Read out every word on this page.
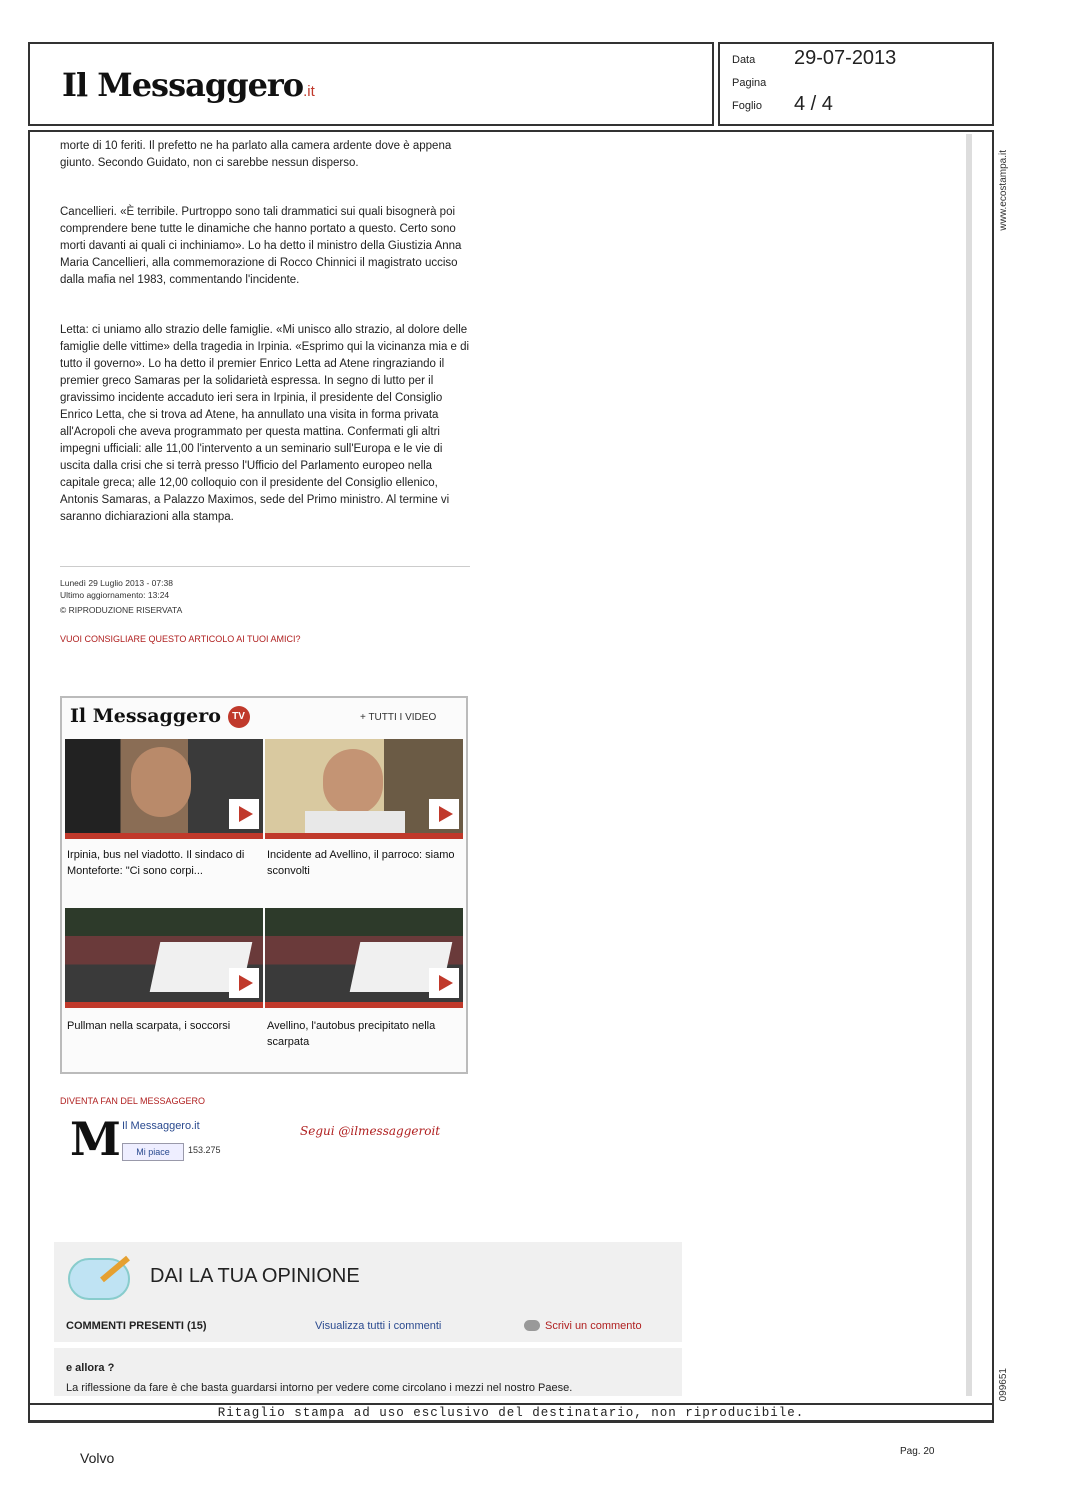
Il Messaggero.it
Data 29-07-2013
Pagina
Foglio 4 / 4
www.ecostampa.it
099651

morte di 10 feriti. Il prefetto ne ha parlato alla camera ardente dove è appena giunto. Secondo Guidato, non ci sarebbe nessun disperso.

Cancellieri. «È terribile. Purtroppo sono tali drammatici sui quali bisognerà poi comprendere bene tutte le dinamiche che hanno portato a questo. Certo sono morti davanti ai quali ci inchiniamo». Lo ha detto il ministro della Giustizia Anna Maria Cancellieri, alla commemorazione di Rocco Chinnici il magistrato ucciso dalla mafia nel 1983, commentando l'incidente.

Letta: ci uniamo allo strazio delle famiglie. «Mi unisco allo strazio, al dolore delle famiglie delle vittime» della tragedia in Irpinia. «Esprimo qui la vicinanza mia e di tutto il governo». Lo ha detto il premier Enrico Letta ad Atene ringraziando il premier greco Samaras per la solidarietà espressa. In segno di lutto per il gravissimo incidente accaduto ieri sera in Irpinia, il presidente del Consiglio Enrico Letta, che si trova ad Atene, ha annullato una visita in forma privata all'Acropoli che aveva programmato per questa mattina. Confermati gli altri impegni ufficiali: alle 11,00 l'intervento a un seminario sull'Europa e le vie di uscita dalla crisi che si terrà presso l'Ufficio del Parlamento europeo nella capitale greca; alle 12,00 colloquio con il presidente del Consiglio ellenico, Antonis Samaras, a Palazzo Maximos, sede del Primo ministro. Al termine vi saranno dichiarazioni alla stampa.

Lunedì 29 Luglio 2013 - 07:38
Ultimo aggiornamento: 13:24
© RIPRODUZIONE RISERVATA
VUOI CONSIGLIARE QUESTO ARTICOLO AI TUOI AMICI?
Il Messaggero TV	+ TUTTI I VIDEO
Irpinia, bus nel viadotto. Il sindaco di Monteforte: "Ci sono corpi...
Incidente ad Avellino, il parroco: siamo sconvolti
Pullman nella scarpata, i soccorsi	Avellino, l'autobus precipitato nella scarpata
DIVENTA FAN DEL MESSAGGERO
M Il Messaggero.it
Mi piace	153.275
Segui @ilmessaggeroit
DAI LA TUA OPINIONE
COMMENTI PRESENTI (15)	Visualizza tutti i commenti	Scrivi un commento
e allora ?
La riflessione da fare è che basta guardarsi intorno per vedere come circolano i mezzi nel nostro Paese.
Ritaglio stampa ad uso esclusivo del destinatario, non riproducibile.
Volvo	Pag. 20
